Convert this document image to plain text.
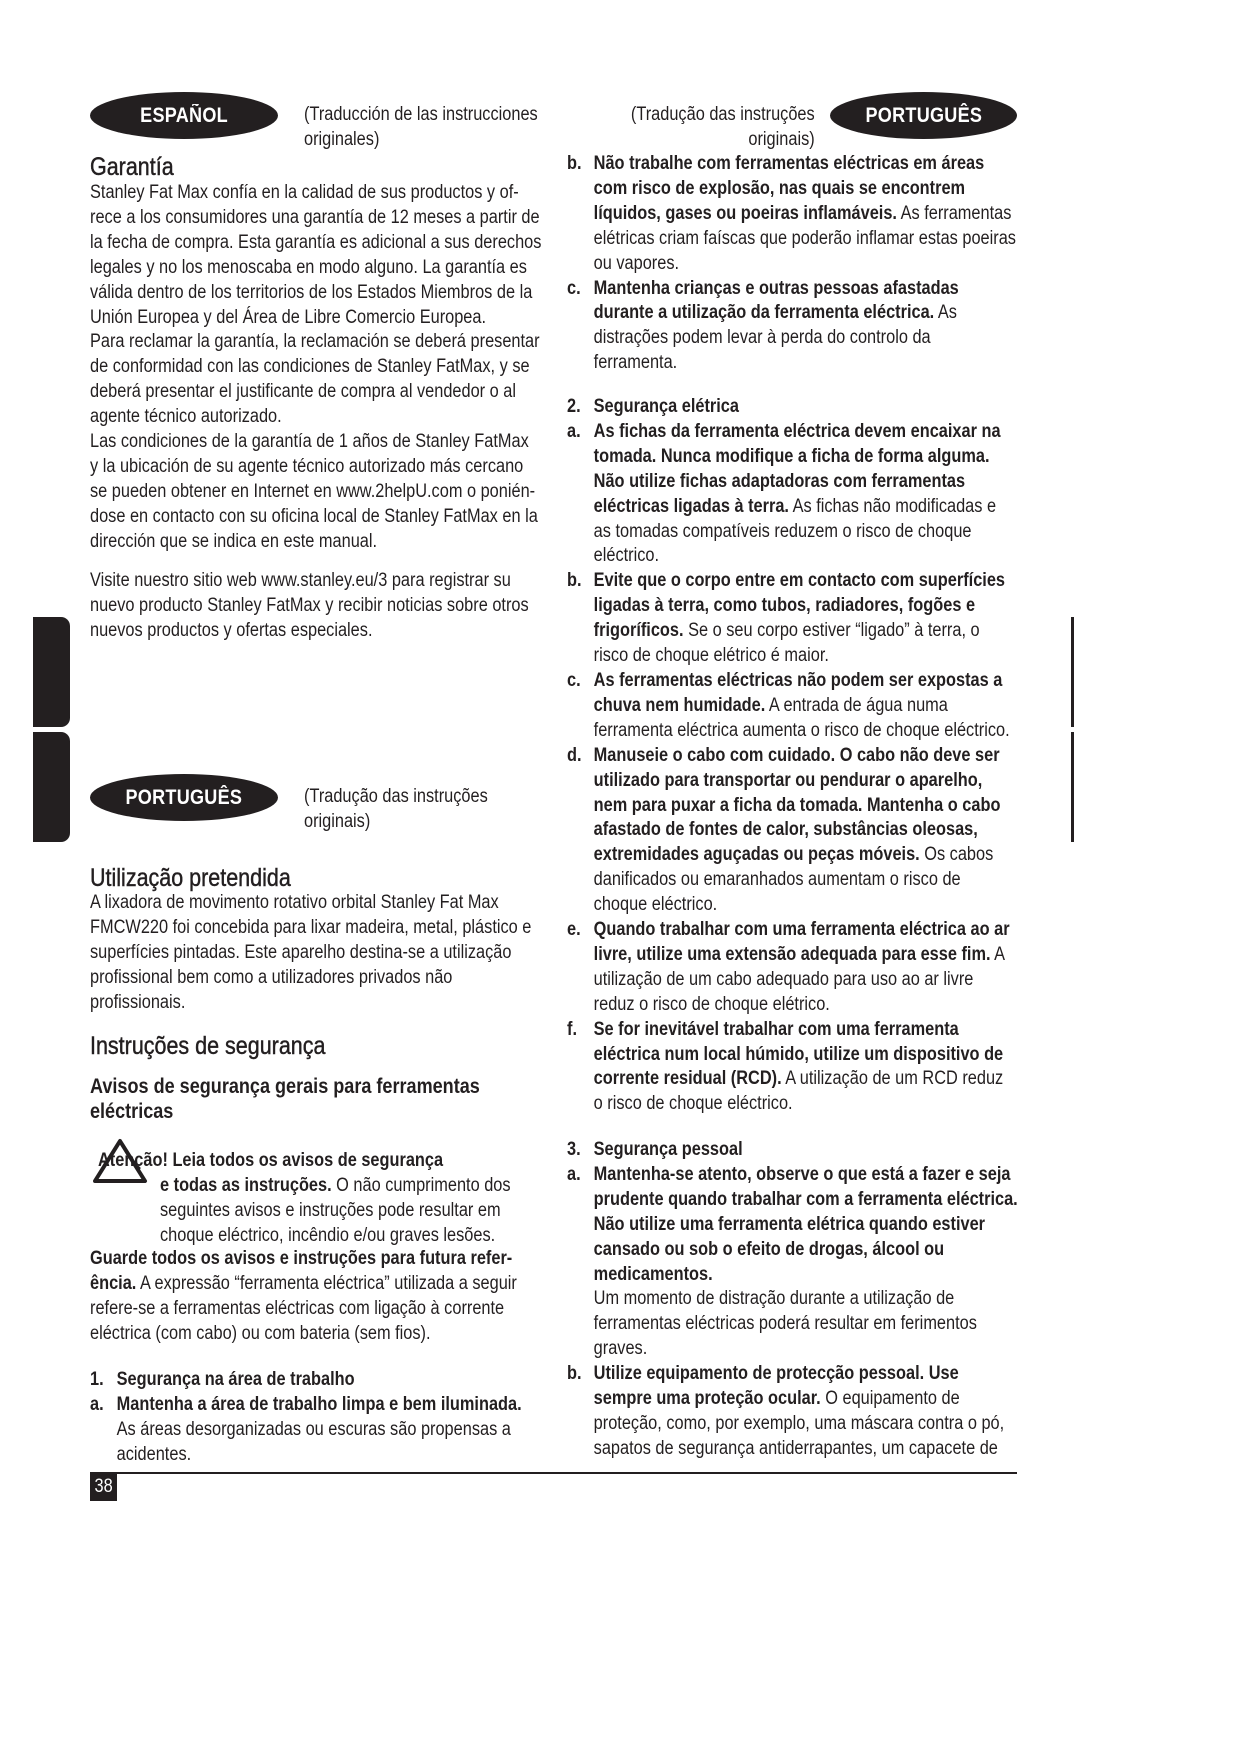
ESPAÑOL	(Traducción de las instrucciones
originales)
Garantía
Stanley Fat Max confía en la calidad de sus productos y of-
rece a los consumidores una garantía de 12 meses a partir de
la fecha de compra. Esta garantía es adicional a sus derechos
legales y no los menoscaba en modo alguno. La garantía es
válida dentro de los territorios de los Estados Miembros de la
Unión Europea y del Área de Libre Comercio Europea.
Para reclamar la garantía, la reclamación se deberá presentar
de conformidad con las condiciones de Stanley FatMax, y se
deberá presentar el justificante de compra al vendedor o al
agente técnico autorizado.
Las condiciones de la garantía de 1 años de Stanley FatMax
y la ubicación de su agente técnico autorizado más cercano
se pueden obtener en Internet en www.2helpU.com o ponién-
dose en contacto con su oficina local de Stanley FatMax en la
dirección que se indica en este manual.
Visite nuestro sitio web www.stanley.eu/3 para registrar su
nuevo producto Stanley FatMax y recibir noticias sobre otros
nuevos productos y ofertas especiales.
PORTUGUÊS	(Tradução das instruções
originais)
Utilização pretendida
A lixadora de movimento rotativo orbital Stanley Fat Max
FMCW220 foi concebida para lixar madeira, metal, plástico e
superfícies pintadas. Este aparelho destina-se a utilização
profissional bem como a utilizadores privados não
profissionais.
Instruções de segurança
Avisos de segurança gerais para ferramentas
eléctricas
Atenção! Leia todos os avisos de segurança
e todas as instruções. O não cumprimento dos
seguintes avisos e instruções pode resultar em
choque eléctrico, incêndio e/ou graves lesões.
Guarde todos os avisos e instruções para futura refer-
ência. A expressão “ferramenta eléctrica” utilizada a seguir
refere-se a ferramentas eléctricas com ligação à corrente
eléctrica (com cabo) ou com bateria (sem fios).
1. Segurança na área de trabalho
a. Mantenha a área de trabalho limpa e bem iluminada.
As áreas desorganizadas ou escuras são propensas a
acidentes.
(Tradução das instruções
originais)
PORTUGUÊS
b. Não trabalhe com ferramentas eléctricas em áreas
com risco de explosão, nas quais se encontrem
líquidos, gases ou poeiras inflamáveis. As ferramentas
elétricas criam faíscas que poderão inflamar estas poeiras
ou vapores.
c. Mantenha crianças e outras pessoas afastadas
durante a utilização da ferramenta eléctrica. As
distrações podem levar à perda do controlo da
ferramenta.
2. Segurança elétrica
a. As fichas da ferramenta eléctrica devem encaixar na
tomada. Nunca modifique a ficha de forma alguma.
Não utilize fichas adaptadoras com ferramentas
eléctricas ligadas à terra. As fichas não modificadas e
as tomadas compatíveis reduzem o risco de choque
eléctrico.
b. Evite que o corpo entre em contacto com superfícies
ligadas à terra, como tubos, radiadores, fogões e
frigoríficos. Se o seu corpo estiver “ligado” à terra, o
risco de choque elétrico é maior.
c. As ferramentas eléctricas não podem ser expostas a
chuva nem humidade. A entrada de água numa
ferramenta eléctrica aumenta o risco de choque eléctrico.
d. Manuseie o cabo com cuidado. O cabo não deve ser
utilizado para transportar ou pendurar o aparelho,
nem para puxar a ficha da tomada. Mantenha o cabo
afastado de fontes de calor, substâncias oleosas,
extremidades aguçadas ou peças móveis. Os cabos
danificados ou emaranhados aumentam o risco de
choque eléctrico.
e. Quando trabalhar com uma ferramenta eléctrica ao ar
livre, utilize uma extensão adequada para esse fim. A
utilização de um cabo adequado para uso ao ar livre
reduz o risco de choque elétrico.
f. Se for inevitável trabalhar com uma ferramenta
eléctrica num local húmido, utilize um dispositivo de
corrente residual (RCD). A utilização de um RCD reduz
o risco de choque eléctrico.
3. Segurança pessoal
a. Mantenha-se atento, observe o que está a fazer e seja
prudente quando trabalhar com a ferramenta eléctrica.
Não utilize uma ferramenta elétrica quando estiver
cansado ou sob o efeito de drogas, álcool ou
medicamentos.
Um momento de distração durante a utilização de
ferramentas eléctricas poderá resultar em ferimentos
graves.
b. Utilize equipamento de protecção pessoal. Use
sempre uma proteção ocular. O equipamento de
proteção, como, por exemplo, uma máscara contra o pó,
sapatos de segurança antiderrapantes, um capacete de
38
